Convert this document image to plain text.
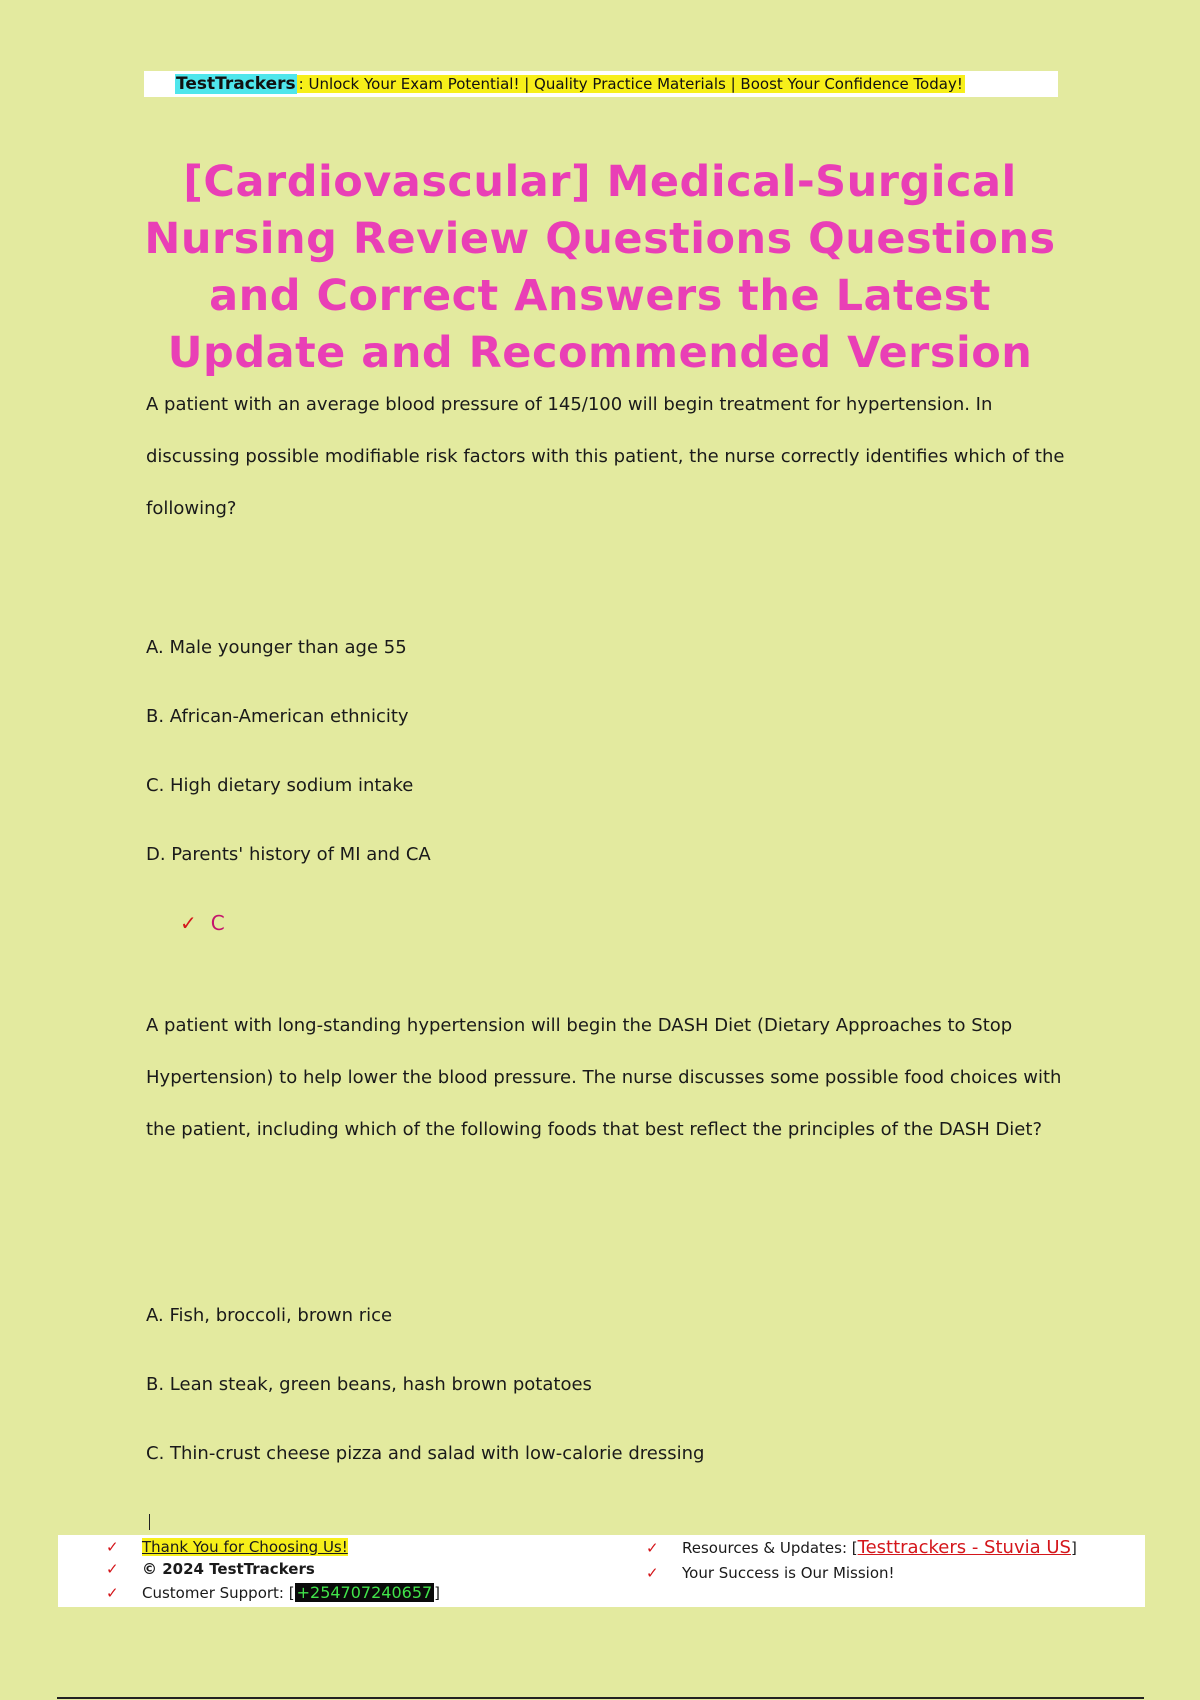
TestTrackers : Unlock Your Exam Potential! | Quality Practice Materials | Boost Your Confidence Today!
[Cardiovascular] Medical-Surgical Nursing Review Questions Questions and Correct Answers the Latest Update and Recommended Version

A patient with an average blood pressure of 145/100 will begin treatment for hypertension. In discussing possible modifiable risk factors with this patient, the nurse correctly identifies which of the following?

A. Male younger than age 55

B. African-American ethnicity

C. High dietary sodium intake

D. Parents' history of MI and CA

✓ C

A patient with long-standing hypertension will begin the DASH Diet (Dietary Approaches to Stop Hypertension) to help lower the blood pressure. The nurse discusses some possible food choices with the patient, including which of the following foods that best reflect the principles of the DASH Diet?

A. Fish, broccoli, brown rice

B. Lean steak, green beans, hash brown potatoes

C. Thin-crust cheese pizza and salad with low-calorie dressing

✓ Thank You for Choosing Us!
✓ © 2024 TestTrackers
✓ Customer Support: [ +254707240657 ]
✓ Resources & Updates: [Testtrackers - Stuvia US]
✓ Your Success is Our Mission!
